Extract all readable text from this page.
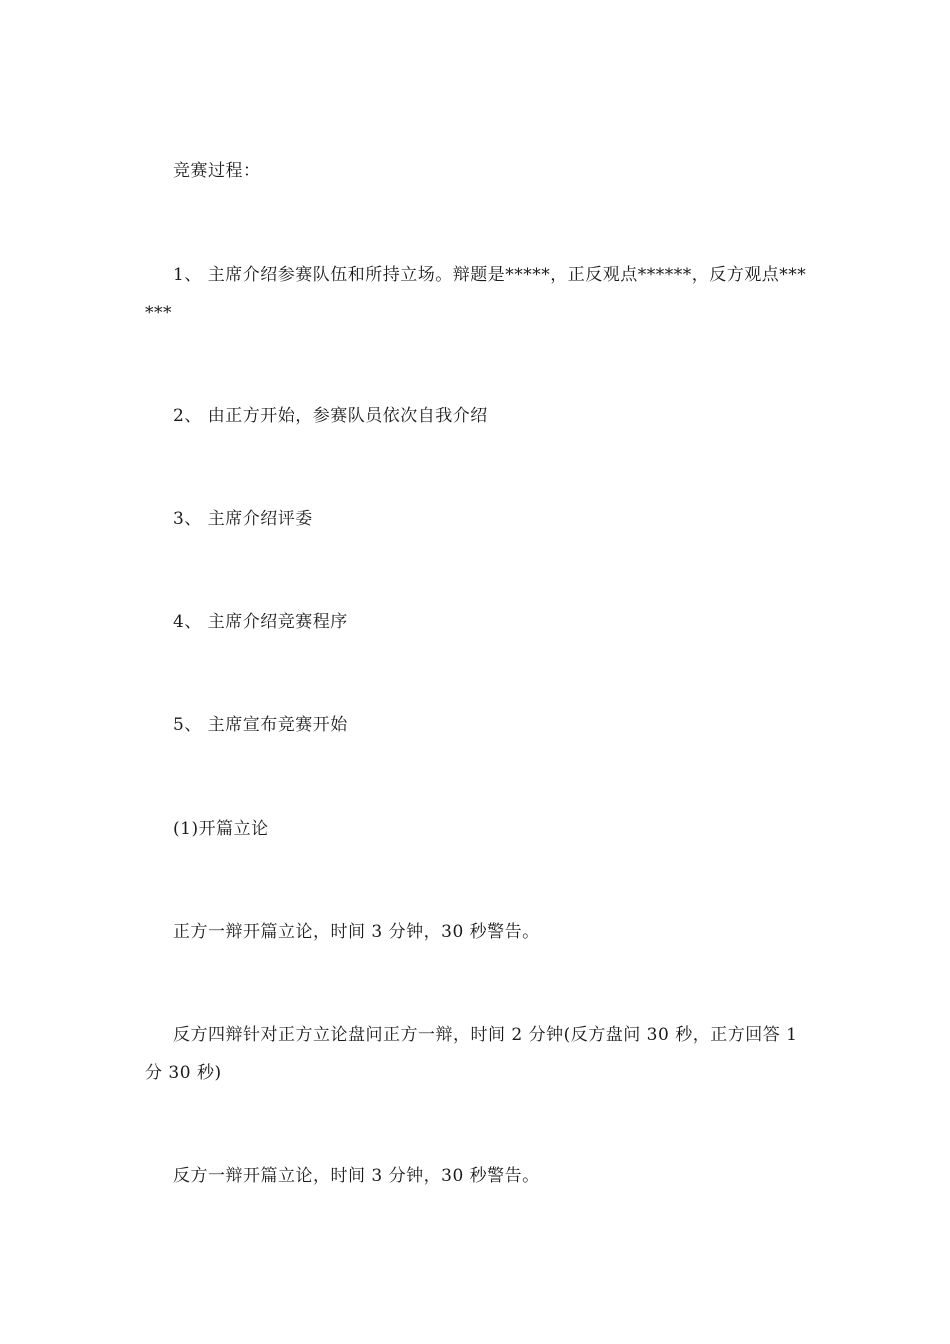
竞赛过程：

1、 主席介绍参赛队伍和所持立场。辩题是*****，正反观点******，反方观点******

2、 由正方开始，参赛队员依次自我介绍

3、 主席介绍评委

4、 主席介绍竞赛程序

5、 主席宣布竞赛开始

(1)开篇立论

正方一辩开篇立论，时间 3 分钟，30 秒警告。

反方四辩针对正方立论盘问正方一辩，时间 2 分钟(反方盘问 30 秒，正方回答 1 分 30 秒)

反方一辩开篇立论，时间 3 分钟，30 秒警告。
